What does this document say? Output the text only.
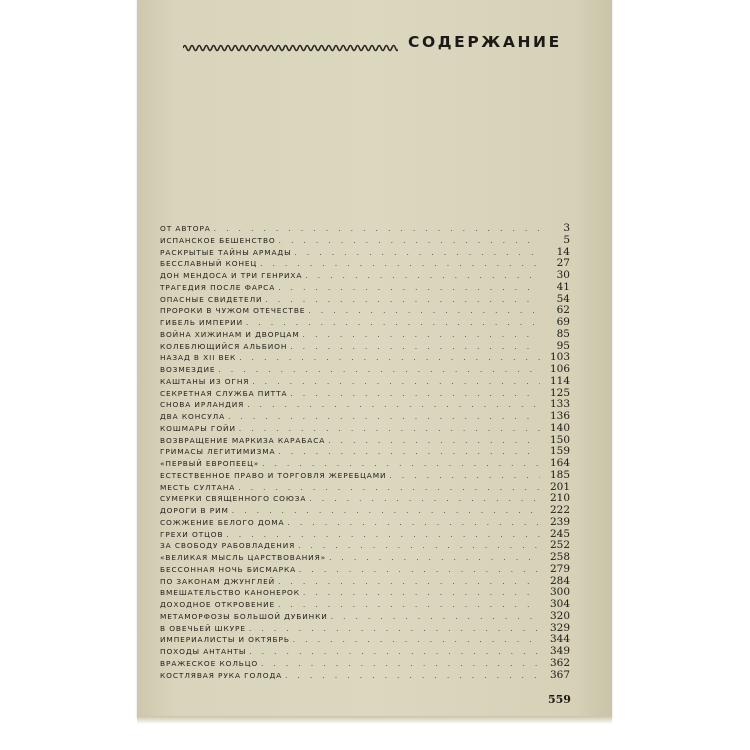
СОДЕРЖАНИЕ
ОТ АВТОРА . . .	3
ИСПАНСКОЕ БЕШЕНСТВО . . .	5
РАСКРЫТЫЕ ТАЙНЫ АРМАДЫ . . .	14
БЕССЛАВНЫЙ КОНЕЦ . . .	27
ДОН МЕНДОСА И ТРИ ГЕНРИХА . . .	30
ТРАГЕДИЯ ПОСЛЕ ФАРСА . . .	41
ОПАСНЫЕ СВИДЕТЕЛИ . . .	54
ПРОРОКИ В ЧУЖОМ ОТЕЧЕСТВЕ . . .	62
ГИБЕЛЬ ИМПЕРИИ . . .	69
ВОЙНА ХИЖИНАМ И ДВОРЦАМ . . .	85
КОЛЕБЛЮЩИЙСЯ АЛЬБИОН . . .	95
НАЗАД В XII ВЕК . . .	103
ВОЗМЕЗДИЕ . . .	106
КАШТАНЫ ИЗ ОГНЯ . . .	114
СЕКРЕТНАЯ СЛУЖБА ПИТТА . . .	125
СНОВА ИРЛАНДИЯ . . .	133
ДВА КОНСУЛА . . .	136
КОШМАРЫ ГОЙИ . . .	140
ВОЗВРАЩЕНИЕ МАРКИЗА КАРАБАСА . . .	150
ГРИМАСЫ ЛЕГИТИМИЗМА . . .	159
«ПЕРВЫЙ ЕВРОПЕЕЦ» . . .	164
ЕСТЕСТВЕННОЕ ПРАВО И ТОРГОВЛЯ ЖЕРЕБЦАМИ . . .	185
МЕСТЬ СУЛТАНА . . .	201
СУМЕРКИ СВЯЩЕННОГО СОЮЗА . . .	210
ДОРОГИ В РИМ . . .	222
СОЖЖЕНИЕ БЕЛОГО ДОМА . . .	239
ГРЕХИ ОТЦОВ . . .	245
ЗА СВОБОДУ РАБОВЛАДЕНИЯ . . .	252
«ВЕЛИКАЯ МЫСЛЬ ЦАРСТВОВАНИЯ» . . .	258
БЕССОННАЯ НОЧЬ БИСМАРКА . . .	279
ПО ЗАКОНАМ ДЖУНГЛЕЙ . . .	284
ВМЕШАТЕЛЬСТВО КАНОНЕРОК . . .	300
ДОХОДНОЕ ОТКРОВЕНИЕ . . .	304
МЕТАМОРФОЗЫ БОЛЬШОЙ ДУБИНКИ . . .	320
В ОВЕЧЬЕЙ ШКУРЕ . . .	329
ИМПЕРИАЛИСТЫ И ОКТЯБРЬ . . .	344
ПОХОДЫ АНТАНТЫ . . .	349
ВРАЖЕСКОЕ КОЛЬЦО . . .	362
КОСТЛЯВАЯ РУКА ГОЛОДА . . .	367
559
